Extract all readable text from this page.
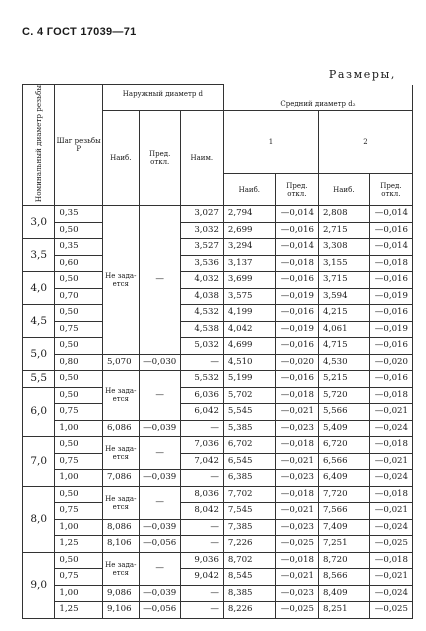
С. 4 ГОСТ 17039—71
Размеры,
Номинальный диаметр резьбы	Шаг резьбы P	Наружный диаметр d			Средний диаметр d₂			
		Наиб.	Пред. откл.	Наим.	1		2	
					Наиб.	Пред. откл.	Наиб.	Пред. откл.
3,0	0,35	Не зада-ется	—	3,027	2,794	—0,014	2,808	—0,014
	0,50			3,032	2,699	—0,016	2,715	—0,016
3,5	0,35			3,527	3,294	—0,014	3,308	—0,014
	0,60			3,536	3,137	—0,018	3,155	—0,018
4,0	0,50			4,032	3,699	—0,016	3,715	—0,016
	0,70			4,038	3,575	—0,019	3,594	—0,019
4,5	0,50			4,532	4,199	—0,016	4,215	—0,016
	0,75			4,538	4,042	—0,019	4,061	—0,019
5,0	0,50			5,032	4,699	—0,016	4,715	—0,016
	0,80	5,070	—0,030	—	4,510	—0,020	4,530	—0,020
5,5	0,50	Не зада-ется	—	5,532	5,199	—0,016	5,215	—0,016
6,0	0,50			6,036	5,702	—0,018	5,720	—0,018
	0,75			6,042	5,545	—0,021	5,566	—0,021
	1,00	6,086	—0,039	—	5,385	—0,023	5,409	—0,024
7,0	0,50	Не зада-ется	—	7,036	6,702	—0,018	6,720	—0,018
	0,75			7,042	6,545	—0,021	6,566	—0,021
	1,00	7,086	—0,039	—	6,385	—0,023	6,409	—0,024
8,0	0,50	Не зада-ется	—	8,036	7,702	—0,018	7,720	—0,018
	0,75			8,042	7,545	—0,021	7,566	—0,021
	1,00	8,086	—0,039	—	7,385	—0,023	7,409	—0,024
	1,25	8,106	—0,056	—	7,226	—0,025	7,251	—0,025
9,0	0,50	Не зада-ется	—	9,036	8,702	—0,018	8,720	—0,018
	0,75			9,042	8,545	—0,021	8,566	—0,021
	1,00	9,086	—0,039	—	8,385	—0,023	8,409	—0,024
	1,25	9,106	—0,056	—	8,226	—0,025	8,251	—0,025
